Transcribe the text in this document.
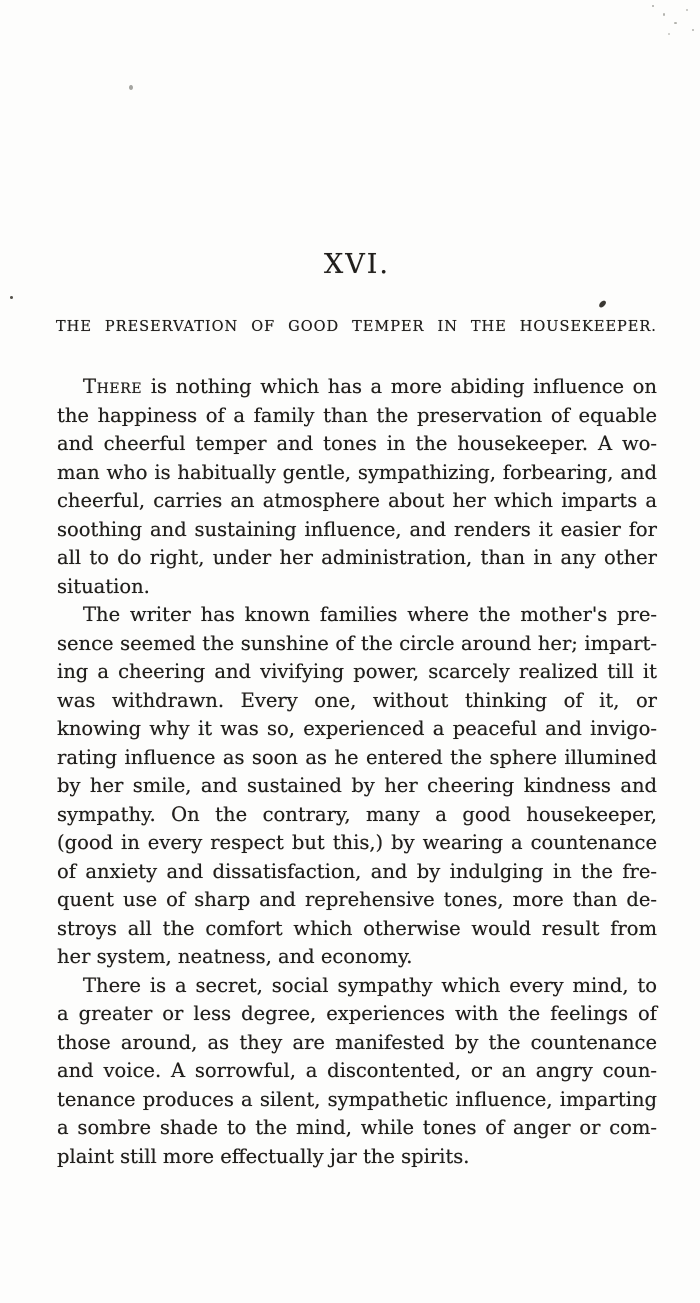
XVI.
THE PRESERVATION OF GOOD TEMPER IN THE HOUSEKEEPER.

There is nothing which has a more abiding influence on
the happiness of a family than the preservation of equable
and cheerful temper and tones in the housekeeper. A wo-
man who is habitually gentle, sympathizing, forbearing, and
cheerful, carries an atmosphere about her which imparts a
soothing and sustaining influence, and renders it easier for
all to do right, under her administration, than in any other
situation.

The writer has known families where the mother's pre-
sence seemed the sunshine of the circle around her; impart-
ing a cheering and vivifying power, scarcely realized till it
was withdrawn. Every one, without thinking of it, or
knowing why it was so, experienced a peaceful and invigo-
rating influence as soon as he entered the sphere illumined
by her smile, and sustained by her cheering kindness and
sympathy. On the contrary, many a good housekeeper,
(good in every respect but this,) by wearing a countenance
of anxiety and dissatisfaction, and by indulging in the fre-
quent use of sharp and reprehensive tones, more than de-
stroys all the comfort which otherwise would result from
her system, neatness, and economy.

There is a secret, social sympathy which every mind, to
a greater or less degree, experiences with the feelings of
those around, as they are manifested by the countenance
and voice. A sorrowful, a discontented, or an angry coun-
tenance produces a silent, sympathetic influence, imparting
a sombre shade to the mind, while tones of anger or com-
plaint still more effectually jar the spirits.
